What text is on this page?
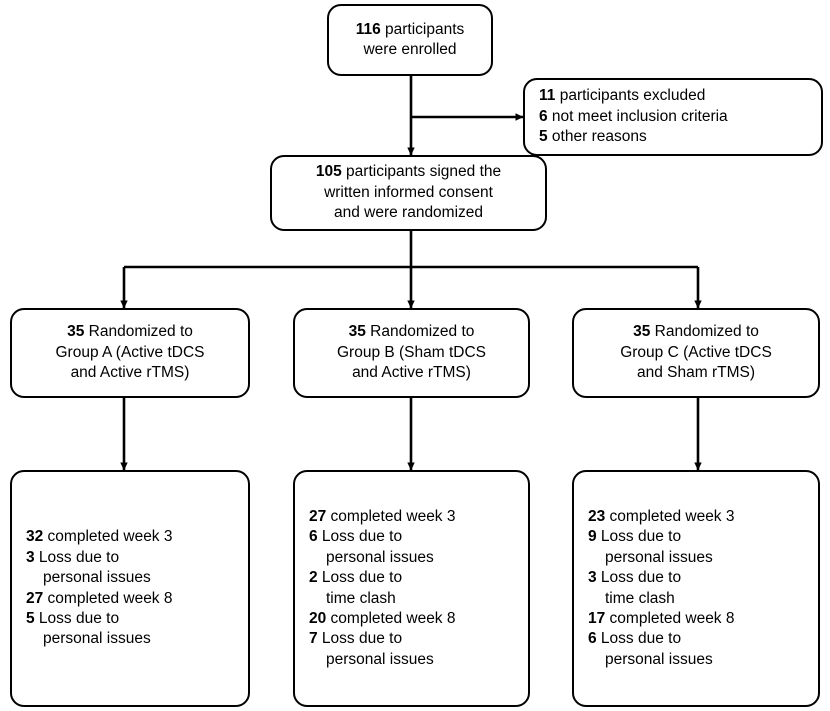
116 participants
were enrolled
11 participants excluded
6 not meet inclusion criteria
5 other reasons
105 participants signed the
written informed consent
and were randomized
35 Randomized to
Group A (Active tDCS
and Active rTMS)
35 Randomized to
Group B (Sham tDCS
and Active rTMS)
35 Randomized to
Group C (Active tDCS
and Sham rTMS)
32 completed week 3
3 Loss due to
personal issues
27 completed week 8
5 Loss due to
personal issues
27 completed week 3
6 Loss due to
personal issues
2 Loss due to
time clash
20 completed week 8
7 Loss due to
personal issues
23 completed week 3
9 Loss due to
personal issues
3 Loss due to
time clash
17 completed week 8
6 Loss due to
personal issues
